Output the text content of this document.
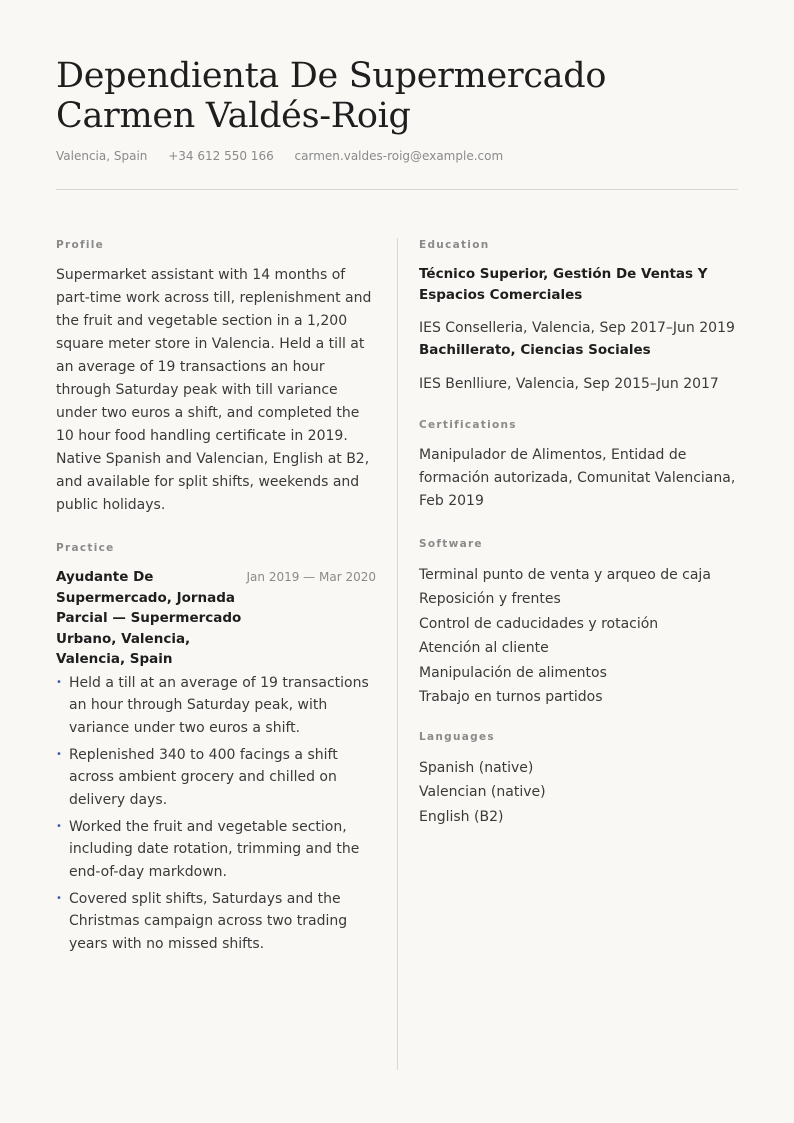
Dependienta De Supermercado
Carmen Valdés-Roig
Valencia, Spain +34 612 550 166 carmen.valdes-roig@example.com
Profile

Supermarket assistant with 14 months of part-time work across till, replenishment and the fruit and vegetable section in a 1,200 square meter store in Valencia. Held a till at an average of 19 transactions an hour through Saturday peak with till variance under two euros a shift, and completed the 10 hour food handling certificate in 2019. Native Spanish and Valencian, English at B2, and available for split shifts, weekends and public holidays.

Practice
Ayudante De Supermercado, Jornada Parcial — Supermercado Urbano, Valencia, Valencia, Spain
Jan 2019 — Mar 2020
• Held a till at an average of 19 transactions an hour through Saturday peak, with variance under two euros a shift.
• Replenished 340 to 400 facings a shift across ambient grocery and chilled on delivery days.
• Worked the fruit and vegetable section, including date rotation, trimming and the end-of-day markdown.
• Covered split shifts, Saturdays and the Christmas campaign across two trading years with no missed shifts.
Education
Técnico Superior, Gestión De Ventas Y Espacios Comerciales

IES Conselleria, Valencia, Sep 2017–Jun 2019

Bachillerato, Ciencias Sociales

IES Benlliure, Valencia, Sep 2015–Jun 2017

Certifications

Manipulador de Alimentos, Entidad de formación autorizada, Comunitat Valenciana, Feb 2019

Software
Terminal punto de venta y arqueo de caja
Reposición y frentes
Control de caducidades y rotación
Atención al cliente
Manipulación de alimentos
Trabajo en turnos partidos
Languages
Spanish (native)
Valencian (native)
English (B2)
